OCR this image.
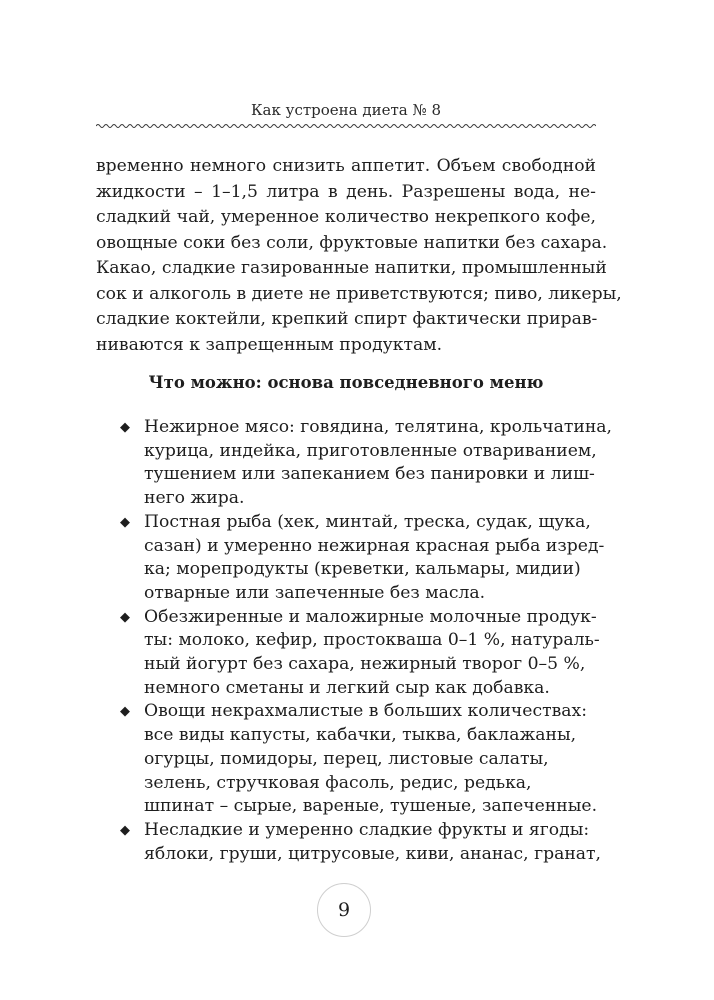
Как устроена диета № 8
временно немного снизить аппетит. Объем свободной
жидкости – 1–1,5 литра в день. Разрешены вода, не-
сладкий чай, умеренное количество некрепкого кофе,
овощные соки без соли, фруктовые напитки без сахара.
Какао, сладкие газированные напитки, промышленный
сок и алкоголь в диете не приветствуются; пиво, ликеры,
сладкие коктейли, крепкий спирт фактически прирав-
ниваются к запрещенным продуктам.
Что можно: основа повседневного меню
◆ Нежирное мясо: говядина, телятина, крольчатина,
курица, индейка, приготовленные отвариванием,
тушением или запеканием без панировки и лиш-
него жира.
◆ Постная рыба (хек, минтай, треска, судак, щука,
сазан) и умеренно нежирная красная рыба изред-
ка; морепродукты (креветки, кальмары, мидии)
отварные или запеченные без масла.
◆ Обезжиренные и маложирные молочные продук-
ты: молоко, кефир, простокваша 0–1 %, натураль-
ный йогурт без сахара, нежирный творог 0–5 %,
немного сметаны и легкий сыр как добавка.
◆ Овощи некрахмалистые в больших количествах:
все виды капусты, кабачки, тыква, баклажаны,
огурцы, помидоры, перец, листовые салаты,
зелень, стручковая фасоль, редис, редька,
шпинат – сырые, вареные, тушеные, запеченные.
◆ Несладкие и умеренно сладкие фрукты и ягоды:
яблоки, груши, цитрусовые, киви, ананас, гранат,
9
